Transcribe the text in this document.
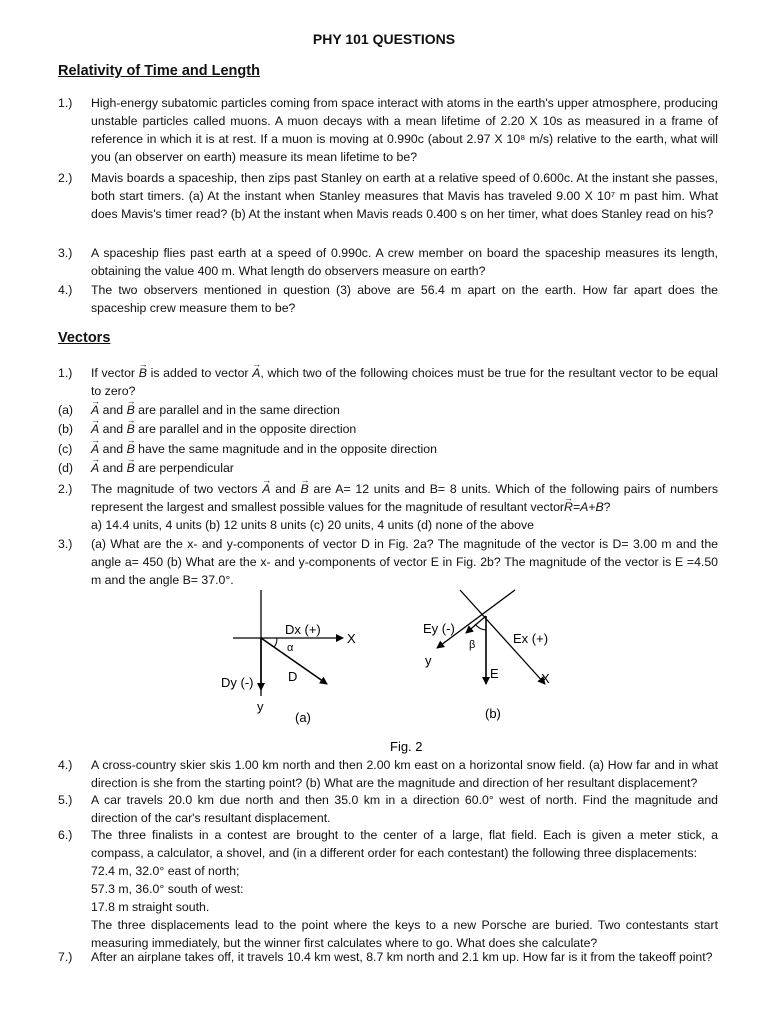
PHY 101 QUESTIONS
Relativity of Time and Length
1.)	High-energy subatomic particles coming from space interact with atoms in the earth's upper atmosphere, producing unstable particles called muons. A muon decays with a mean lifetime of 2.20 X 10s as measured in a frame of reference in which it is at rest. If a muon is moving at 0.990c (about 2.97 X 10⁸ m/s) relative to the earth, what will you (an observer on earth) measure its mean lifetime to be?
2.)	Mavis boards a spaceship, then zips past Stanley on earth at a relative speed of 0.600c. At the instant she passes, both start timers. (a) At the instant when Stanley measures that Mavis has traveled 9.00 X 10⁷ m past him. What does Mavis's timer read? (b) At the instant when Mavis reads 0.400 s on her timer, what does Stanley read on his?
3.)	A spaceship flies past earth at a speed of 0.990c. A crew member on board the spaceship measures its length, obtaining the value 400 m. What length do observers measure on earth?
4.)	The two observers mentioned in question (3) above are 56.4 m apart on the earth. How far apart does the spaceship crew measure them to be?
Vectors
1.)	If vector → B is added to vector → A, which two of the following choices must be true for the resultant vector to be equal to zero?
(a)	→ A and → B are parallel and in the same direction
(b)	→ A and → B are parallel and in the opposite direction
(c)	→ A and → B have the same magnitude and in the opposite direction
(d)	→ A and → B are perpendicular
2.)	The magnitude of two vectors → A and → B are A= 12 units and B= 8 units. Which of the following pairs of numbers represent the largest and smallest possible values for the magnitude of resultant vector→ R=A+B?
a) 14.4 units, 4 units (b) 12 units 8 units (c) 20 units, 4 units (d) none of the above
3.)	(a) What are the x- and y-components of vector D in Fig. 2a? The magnitude of the vector is D= 3.00 m and the angle a= 450 (b) What are the x- and y-components of vector E in Fig. 2b? The magnitude of the vector is E =4.50 m and the angle B= 37.0°.
Dx (+)
X
α
Dy (-)	D
y
(a)
Ey (-)
β	Ex (+)
y
E	X
(b)
Fig. 2
4.)	A cross-country skier skis 1.00 km north and then 2.00 km east on a horizontal snow field. (a) How far and in what direction is she from the starting point? (b) What are the magnitude and direction of her resultant displacement?
5.)	A car travels 20.0 km due north and then 35.0 km in a direction 60.0° west of north. Find the magnitude and direction of the car's resultant displacement.
6.)	The three finalists in a contest are brought to the center of a large, flat field. Each is given a meter stick, a compass, a calculator, a shovel, and (in a different order for each contestant) the following three displacements:
72.4 m, 32.0° east of north;
57.3 m, 36.0° south of west:
17.8 m straight south.
The three displacements lead to the point where the keys to a new Porsche are buried. Two contestants start measuring immediately, but the winner first calculates where to go. What does she calculate?
7.)	After an airplane takes off, it travels 10.4 km west, 8.7 km north and 2.1 km up. How far is it from the takeoff point?
